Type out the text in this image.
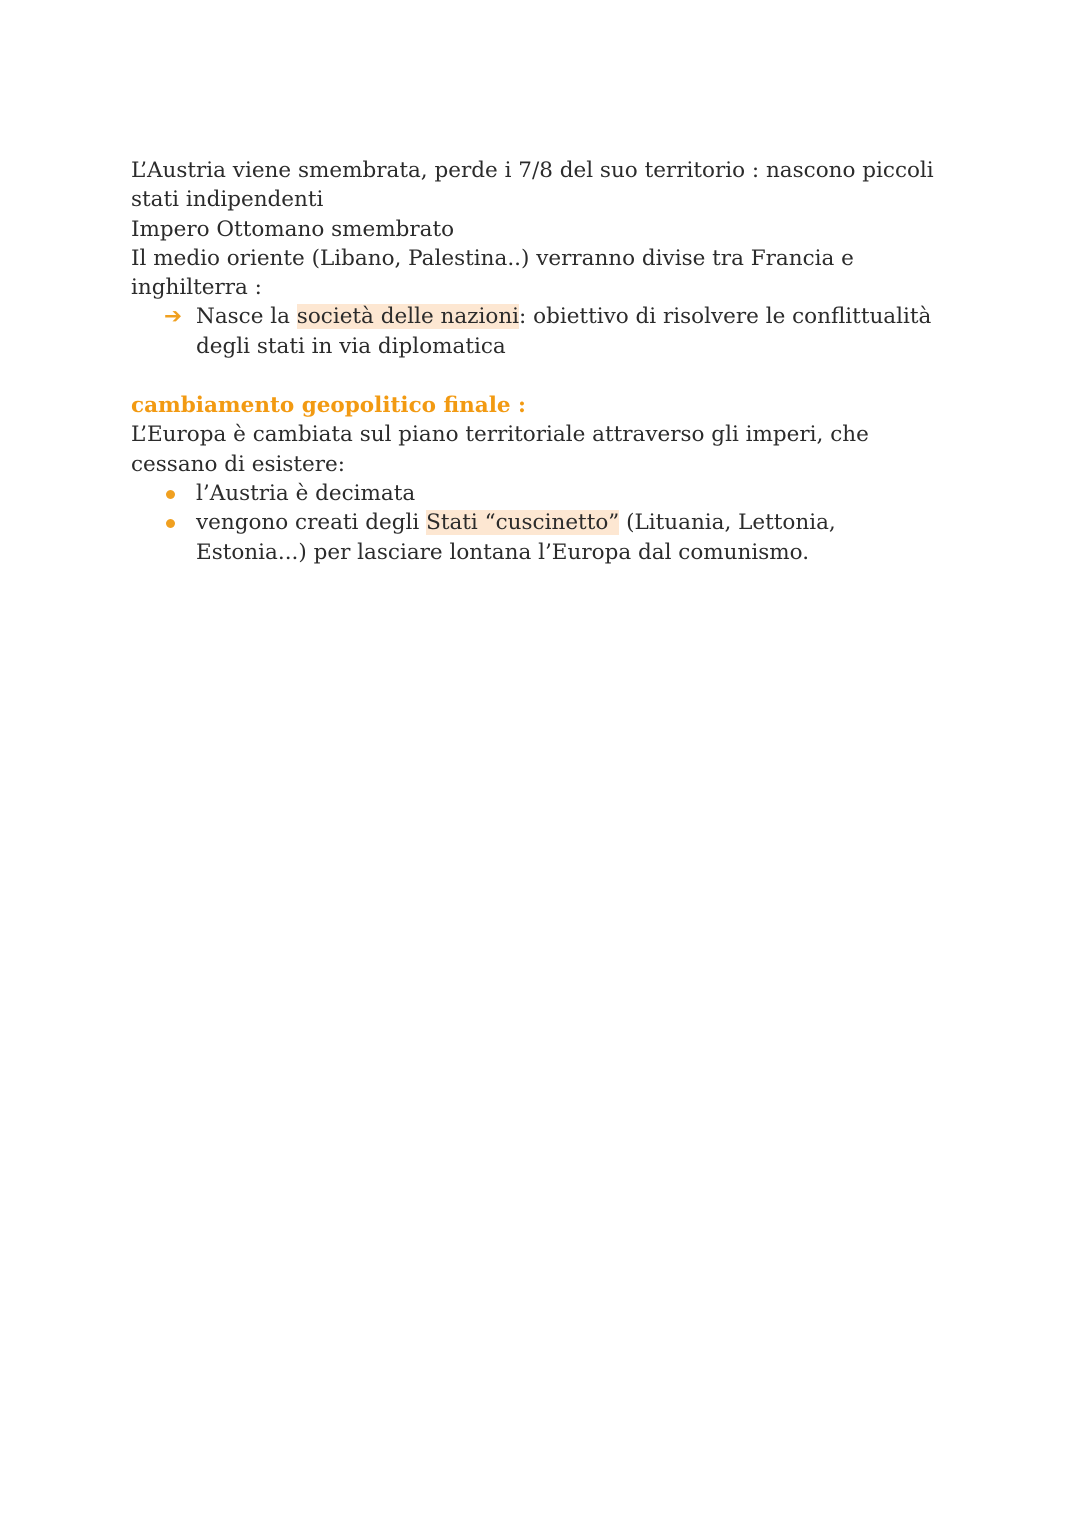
L’Austria viene smembrata, perde i 7/8 del suo territorio : nascono piccoli
stati indipendenti
Impero Ottomano smembrato
Il medio oriente (Libano, Palestina..) verranno divise tra Francia e
inghilterra :
➔ Nasce la società delle nazioni: obiettivo di risolvere le conflittualità
degli stati in via diplomatica
cambiamento geopolitico finale :
L’Europa è cambiata sul piano territoriale attraverso gli imperi, che
cessano di esistere:
l’Austria è decimata
vengono creati degli Stati “cuscinetto” (Lituania, Lettonia,
Estonia...) per lasciare lontana l’Europa dal comunismo.
